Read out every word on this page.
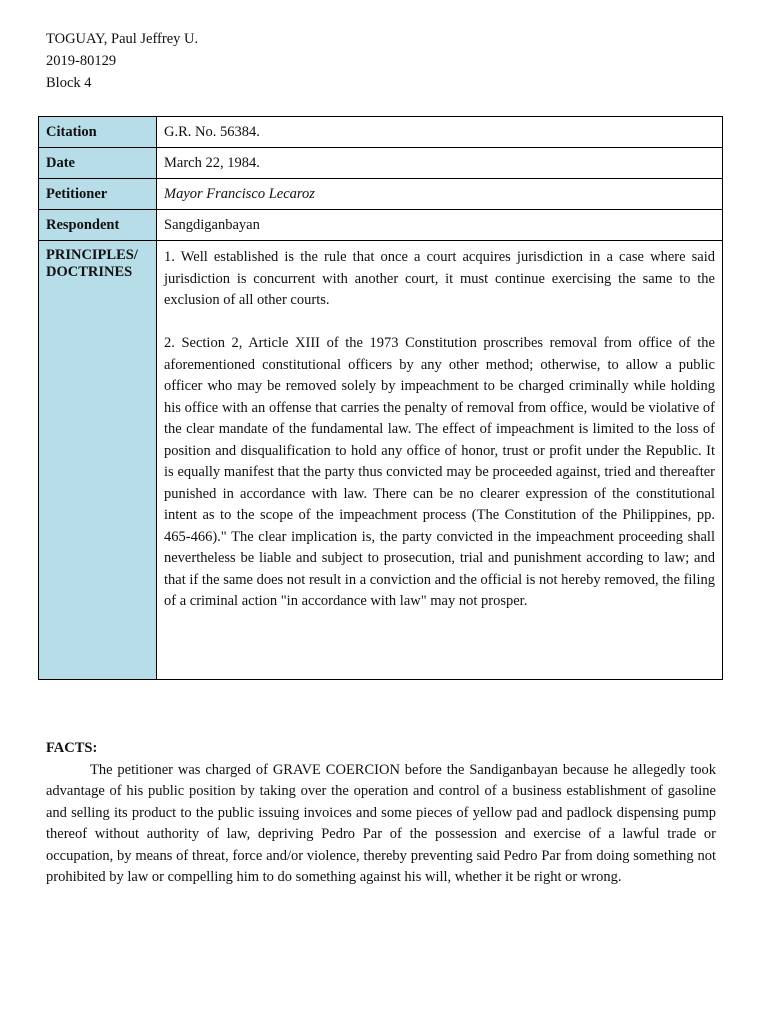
TOGUAY, Paul Jeffrey U.
2019-80129
Block 4
Citation	G.R. No. 56384.
Date	March 22, 1984.
Petitioner	Mayor Francisco Lecaroz
Respondent	Sangdiganbayan
PRINCIPLES/ DOCTRINES	1. Well established is the rule that once a court acquires jurisdiction in a case where said jurisdiction is concurrent with another court, it must continue exercising the same to the exclusion of all other courts.

2. Section 2, Article XIII of the 1973 Constitution proscribes removal from office of the aforementioned constitutional officers by any other method; otherwise, to allow a public officer who may be removed solely by impeachment to be charged criminally while holding his office with an offense that carries the penalty of removal from office, would be violative of the clear mandate of the fundamental law. The effect of impeachment is limited to the loss of position and disqualification to hold any office of honor, trust or profit under the Republic. It is equally manifest that the party thus convicted may be proceeded against, tried and thereafter punished in accordance with law. There can be no clearer expression of the constitutional intent as to the scope of the impeachment process (The Constitution of the Philippines, pp. 465-466)." The clear implication is, the party convicted in the impeachment proceeding shall nevertheless be liable and subject to prosecution, trial and punishment according to law; and that if the same does not result in a conviction and the official is not hereby removed, the filing of a criminal action "in accordance with law" may not prosper.

FACTS:

The petitioner was charged of GRAVE COERCION before the Sandiganbayan because he allegedly took advantage of his public position by taking over the operation and control of a business establishment of gasoline and selling its product to the public issuing invoices and some pieces of yellow pad and padlock dispensing pump thereof without authority of law, depriving Pedro Par of the possession and exercise of a lawful trade or occupation, by means of threat, force and/or violence, thereby preventing said Pedro Par from doing something not prohibited by law or compelling him to do something against his will, whether it be right or wrong.
